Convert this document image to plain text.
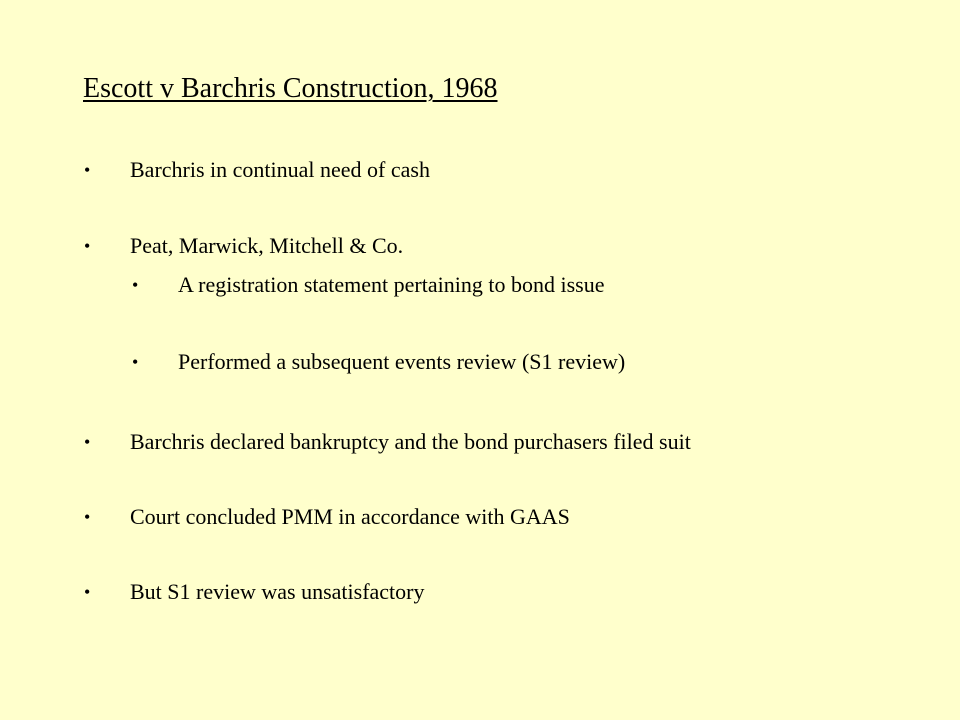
Escott v Barchris Construction, 1968
• Barchris in continual need of cash
• Peat, Marwick, Mitchell & Co.
• A registration statement pertaining to bond issue
• Performed a subsequent events review (S1 review)
• Barchris declared bankruptcy and the bond purchasers filed suit
• Court concluded PMM in accordance with GAAS
• But S1 review was unsatisfactory
